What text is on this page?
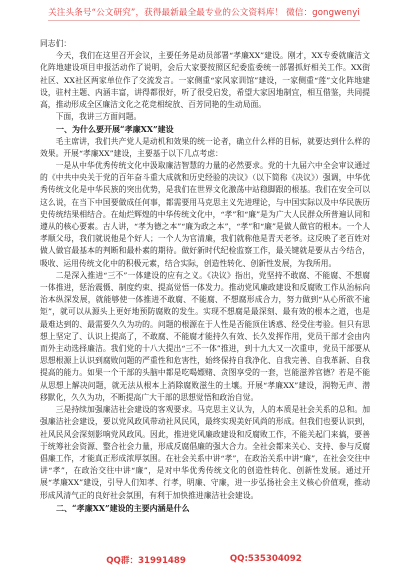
关注头条号“公文研究”，获得最新最全最专业的公文资料库！ 微信：gongwenyi

同志们：

今天，我们在这里召开会议，主要任务是动员部署“孝廉XX”建设。刚才，XX专委就廉洁文化阵地建设项目申报活动作了说明，会后大家要按照区纪委监委统一部署抓好相关工作。XX街社区、XX社区两家单位作了交流发言。一家侧重“家风家训馆”建设，一家侧重“莲”文化阵地建设，驻村主题、内涵丰富，讲得都很好，听了很受启发，希望大家因地制宜，相互借鉴，共同提高，推动形成全区廉洁文化之花竞相绽放、百芳同艳的生动局面。

下面，我讲三方面问题。

一、为什么要开展“孝廉XX”建设

毛主席讲，我们共产党人是动机和效果的统一论者，确立什么样的目标，就要达到什么样的效果。开展“孝廉XX”建设，主要基于以下几点考虑：

一是从中华优秀传统文化中汲取廉洁智慧的力量的必然要求。党的十九届六中全会审议通过的《中共中央关于党的百年奋斗重大成就和历史经验的决议》（以下简称《决议》）强调，中华优秀传统文化是中华民族的突出优势，是我们在世界文化激荡中站稳脚跟的根基。我们在安全可以这么说，在当下中国要做成任何事，都需要用马克思主义先进理论，与中国实际以及中华民族历史传统结果相结合。在灿烂辉煌的中华传统文化中，“孝”和“廉”是为广大人民群众所普遍认同和遵从的核心要素。古人讲，“孝为德之本”“廉为政之本”，“孝”和“廉”是做人做官的根本。一个人孝顺父母，我们就说他是个好人；一个人为官清廉，我们就称他是青天老爷。这反映了老百姓对做人做官最基本的判断和最朴素的期待。做好新时代纪检监察工作，最关键就是要从古今结合，吸收、运用传统文化中的积极元素，结合实际，创造性转化、创新性发展，为我所用。

二是深入推进“三不”一体建设的应有之义。《决议》指出，党坚持不敢腐、不能腐、不想腐一体推进，惩治震慑、制度约束、提高觉悟一体发力。推动党风廉政建设和反腐败工作从治标向治本纵深发展，就能够使一体推进不敢腐、不能腐、不想腐形成合力，努力做到“从心所欲不逾矩”，就可以从源头上更好地预防腐败的发生。实现不想腐是最深刻、最有效的根本之道，也是最难达到的、最需要久久为功的。问题的根源在于人性是否能顶住诱惑、经受住考验。但只有思想上坚定了、认识上提高了，不敢腐、不能腐才能持久有效、长久发挥作用，党员干部才会由内而外主动选择廉洁。我们党的十八大提出“三不一体”推进，到十九大又一次重申，党员干部要从思想根源上认识到腐败问题的严重性和危害性，始终保持自我净化、自我完善、自我革新、自我提高的能力。如果一个干部的头脑中都是吃喝嫖赌、贪图享受的一套，岂能滋养官德？若是不能从思想上解决问题，就无法从根本上消除腐败滋生的土壤。开展“孝廉XX”建设，润物无声、潜移默化，久久为功，不断提高广大干部的思想觉悟和政治自觉。

三是持续加强廉洁社会建设的客观要求。马克思主义认为，人的本质是社会关系的总和。加强廉洁社会建设，要以党风政风带动社风民风，最终实现美好风尚的形成。但我们也要认识到，社风民风会深刻影响党风政风。因此，推进党风廉政建设和反腐败工作，不能关起门来搞，要善于统筹社会资源、整合社会力量，形成反腐倡廉的强大合力。全社会都来关心、支持、参与反腐倡廉工作，才能真正形成浓厚氛围。在社会关系中讲“孝”，在政治关系中讲“廉”，在社会交往中讲“孝”，在政治交往中讲“廉”，是对中华优秀传统文化的创造性转化、创新性发展。通过开展“孝廉XX”建设，引导人们知孝、行孝，明廉、守廉，进一步弘扬社会主义核心价值观，推动形成风清气正的良好社会氛围，有利于加快推进廉洁社会建设。

二、“孝廉XX”建设的主要内涵是什么

QQ群：31991489	QQ:535304092
